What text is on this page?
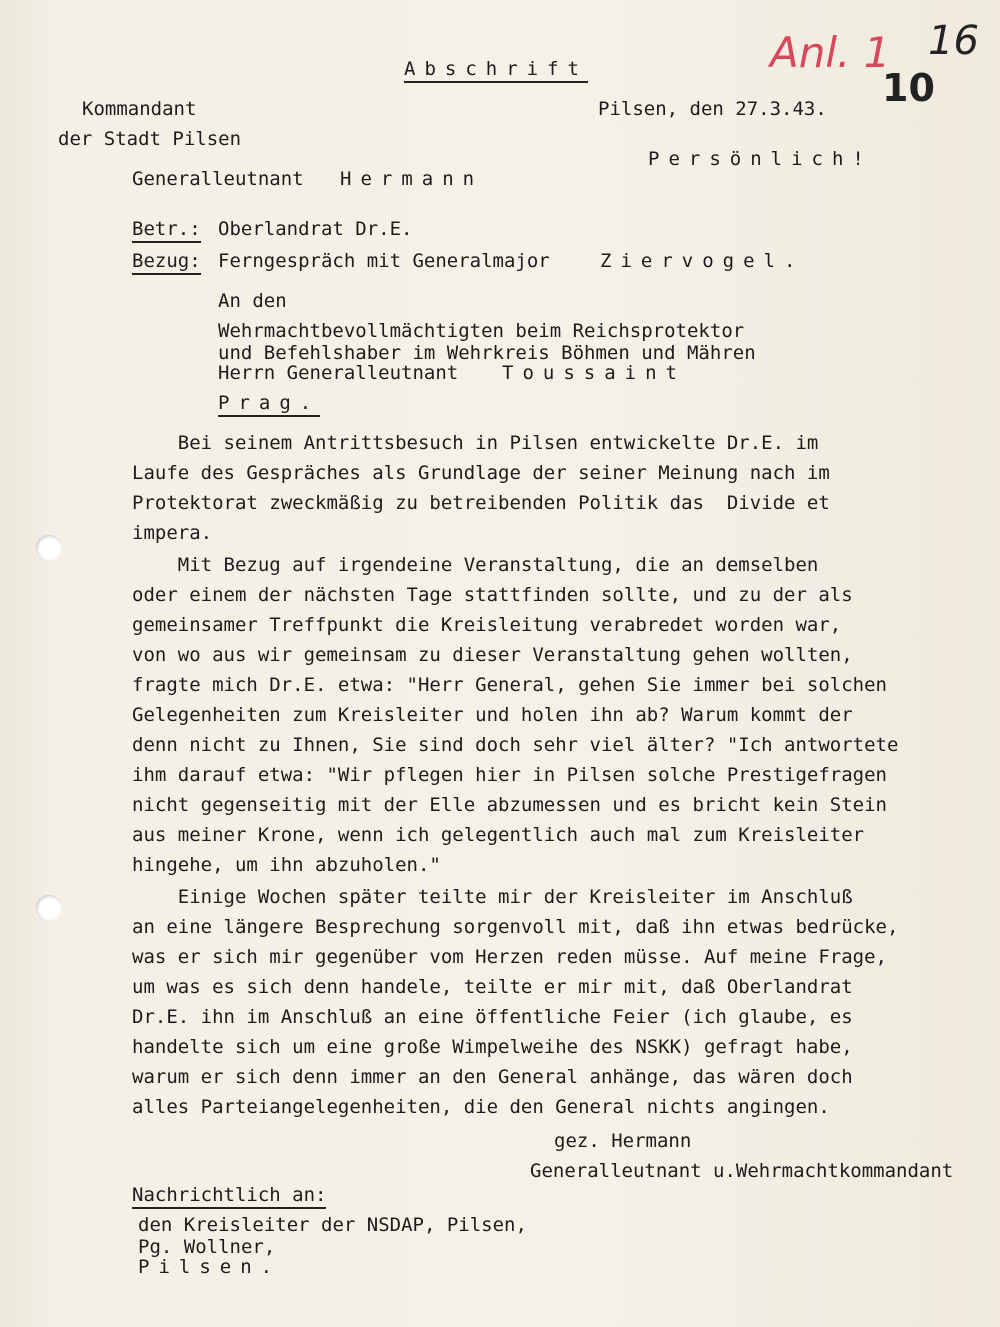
Anl. 1 16
10
Abschrift
Kommandant
der Stadt Pilsen
Pilsen, den 27.3.43.
Persönlich!
Generalleutnant Hermann
Betr.: Oberlandrat Dr.E.
Bezug: Ferngespräch mit Generalmajor	Ziervogel.
An den
Wehrmachtbevollmächtigten beim Reichsprotektor
und Befehlshaber im Wehrkreis Böhmen und Mähren
Herrn Generalleutnant Toussaint
Prag.
Bei seinem Antrittsbesuch in Pilsen entwickelte Dr.E. im
Laufe des Gespräches als Grundlage der seiner Meinung nach im
Protektorat zweckmäßig zu betreibenden Politik das  Divide et
impera.
Mit Bezug auf irgendeine Veranstaltung, die an demselben
oder einem der nächsten Tage stattfinden sollte, und zu der als
gemeinsamer Treffpunkt die Kreisleitung verabredet worden war,
von wo aus wir gemeinsam zu dieser Veranstaltung gehen wollten,
fragte mich Dr.E. etwa: "Herr General, gehen Sie immer bei solchen
Gelegenheiten zum Kreisleiter und holen ihn ab? Warum kommt der
denn nicht zu Ihnen, Sie sind doch sehr viel älter? "Ich antwortete
ihm darauf etwa: "Wir pflegen hier in Pilsen solche Prestigefragen
nicht gegenseitig mit der Elle abzumessen und es bricht kein Stein
aus meiner Krone, wenn ich gelegentlich auch mal zum Kreisleiter
hingehe, um ihn abzuholen."
Einige Wochen später teilte mir der Kreisleiter im Anschluß
an eine längere Besprechung sorgenvoll mit, daß ihn etwas bedrücke,
was er sich mir gegenüber vom Herzen reden müsse. Auf meine Frage,
um was es sich denn handele, teilte er mir mit, daß Oberlandrat
Dr.E. ihn im Anschluß an eine öffentliche Feier (ich glaube, es
handelte sich um eine große Wimpelweihe des NSKK) gefragt habe,
warum er sich denn immer an den General anhänge, das wären doch
alles Parteiangelegenheiten, die den General nichts angingen.
gez. Hermann
Generalleutnant u.Wehrmachtkommandant
Nachrichtlich an:
den Kreisleiter der NSDAP, Pilsen,
Pg. Wollner,
Pilsen.
